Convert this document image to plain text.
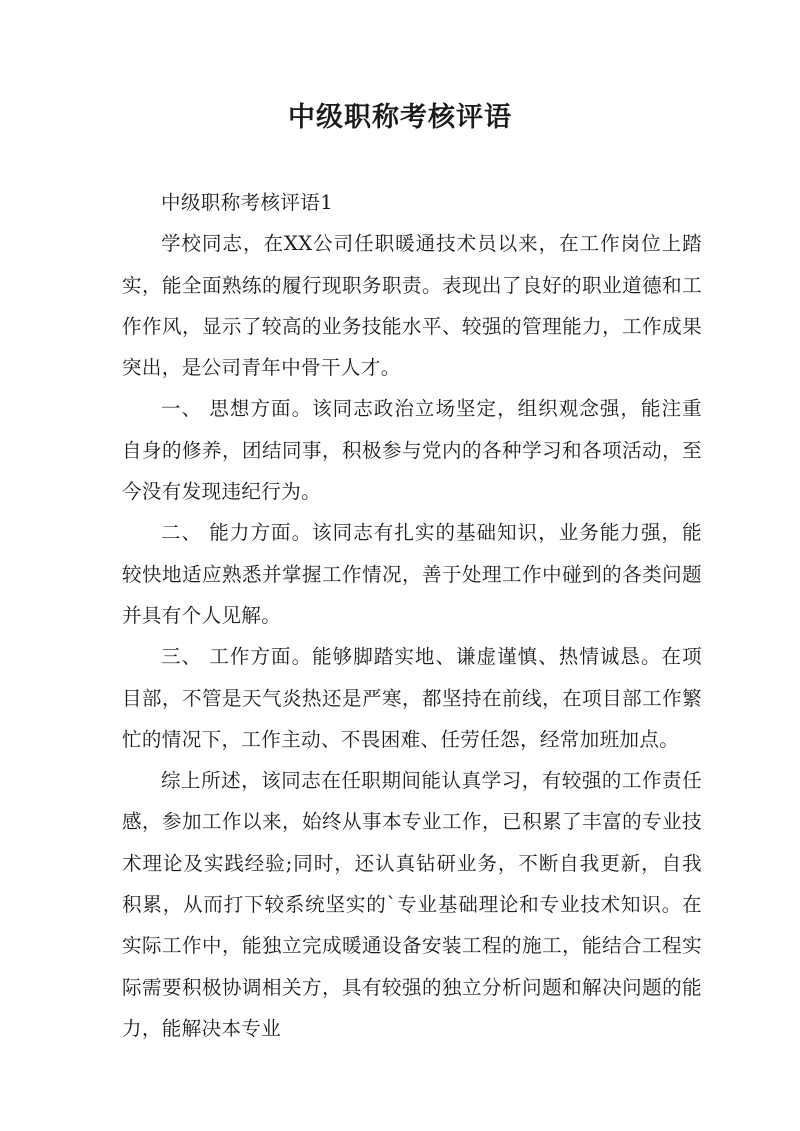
中级职称考核评语

中级职称考核评语1

学校同志，在XX公司任职暖通技术员以来，在工作岗位上踏实，能全面熟练的履行现职务职责。表现出了良好的职业道德和工作作风，显示了较高的业务技能水平、较强的管理能力，工作成果突出，是公司青年中骨干人才。

一、 思想方面。该同志政治立场坚定，组织观念强，能注重自身的修养，团结同事，积极参与党内的各种学习和各项活动，至今没有发现违纪行为。

二、 能力方面。该同志有扎实的基础知识，业务能力强，能较快地适应熟悉并掌握工作情况，善于处理工作中碰到的各类问题并具有个人见解。

三、 工作方面。能够脚踏实地、谦虚谨慎、热情诚恳。在项目部，不管是天气炎热还是严寒，都坚持在前线，在项目部工作繁忙的情况下，工作主动、不畏困难、任劳任怨，经常加班加点。

综上所述，该同志在任职期间能认真学习，有较强的工作责任感，参加工作以来，始终从事本专业工作，已积累了丰富的专业技术理论及实践经验;同时，还认真钻研业务，不断自我更新，自我积累，从而打下较系统坚实的`专业基础理论和专业技术知识。在实际工作中，能独立完成暖通设备安装工程的施工，能结合工程实际需要积极协调相关方，具有较强的独立分析问题和解决问题的能力，能解决本专业
